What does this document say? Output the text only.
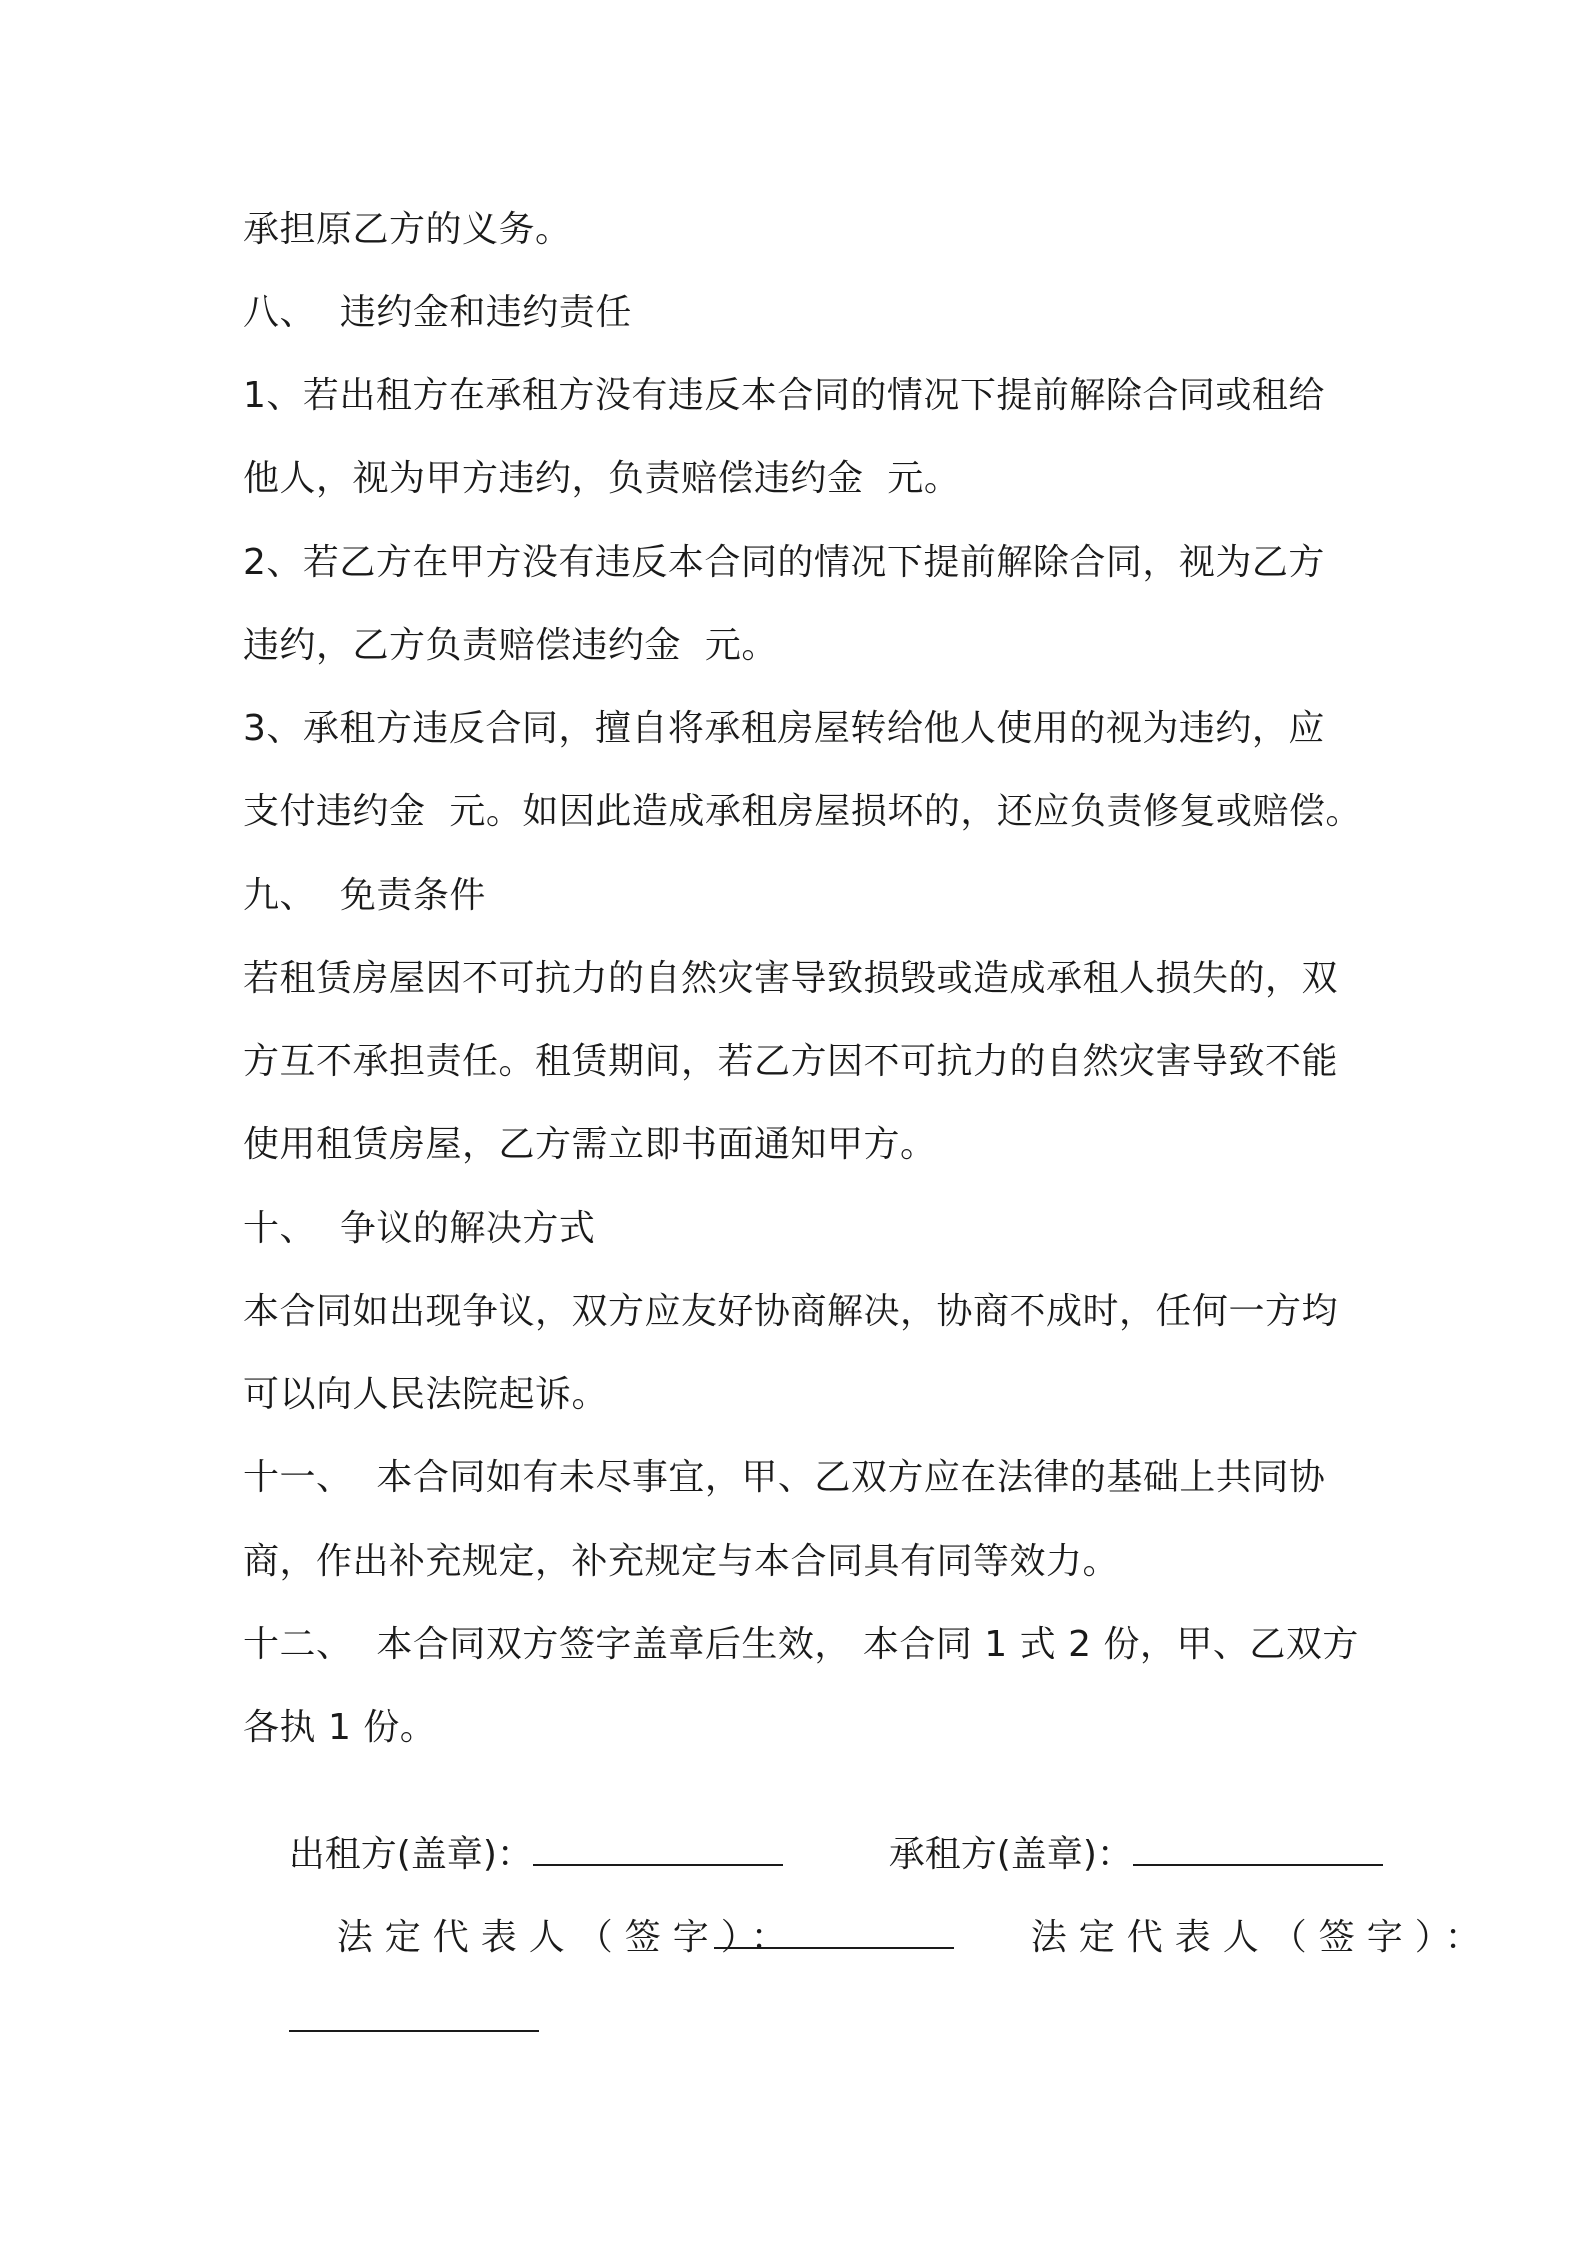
承担原乙方的义务。
八、  违约金和违约责任
1、若出租方在承租方没有违反本合同的情况下提前解除合同或租给
他人，视为甲方违约，负责赔偿违约金  元。
2、若乙方在甲方没有违反本合同的情况下提前解除合同，视为乙方
违约，乙方负责赔偿违约金  元。
3、承租方违反合同，擅自将承租房屋转给他人使用的视为违约，应
支付违约金  元。如因此造成承租房屋损坏的，还应负责修复或赔偿。
九、  免责条件
若租赁房屋因不可抗力的自然灾害导致损毁或造成承租人损失的，双
方互不承担责任。租赁期间，若乙方因不可抗力的自然灾害导致不能
使用租赁房屋，乙方需立即书面通知甲方。
十、  争议的解决方式
本合同如出现争议，双方应友好协商解决，协商不成时，任何一方均
可以向人民法院起诉。
十一、  本合同如有未尽事宜，甲、乙双方应在法律的基础上共同协
商，作出补充规定，补充规定与本合同具有同等效力。
十二、  本合同双方签字盖章后生效， 本合同 1 式 2 份，甲、乙双方
各执 1 份。

出租方(盖章)：
	承租方(盖章)：

法定代表人（签字）：

	法定代表人（签字）：
